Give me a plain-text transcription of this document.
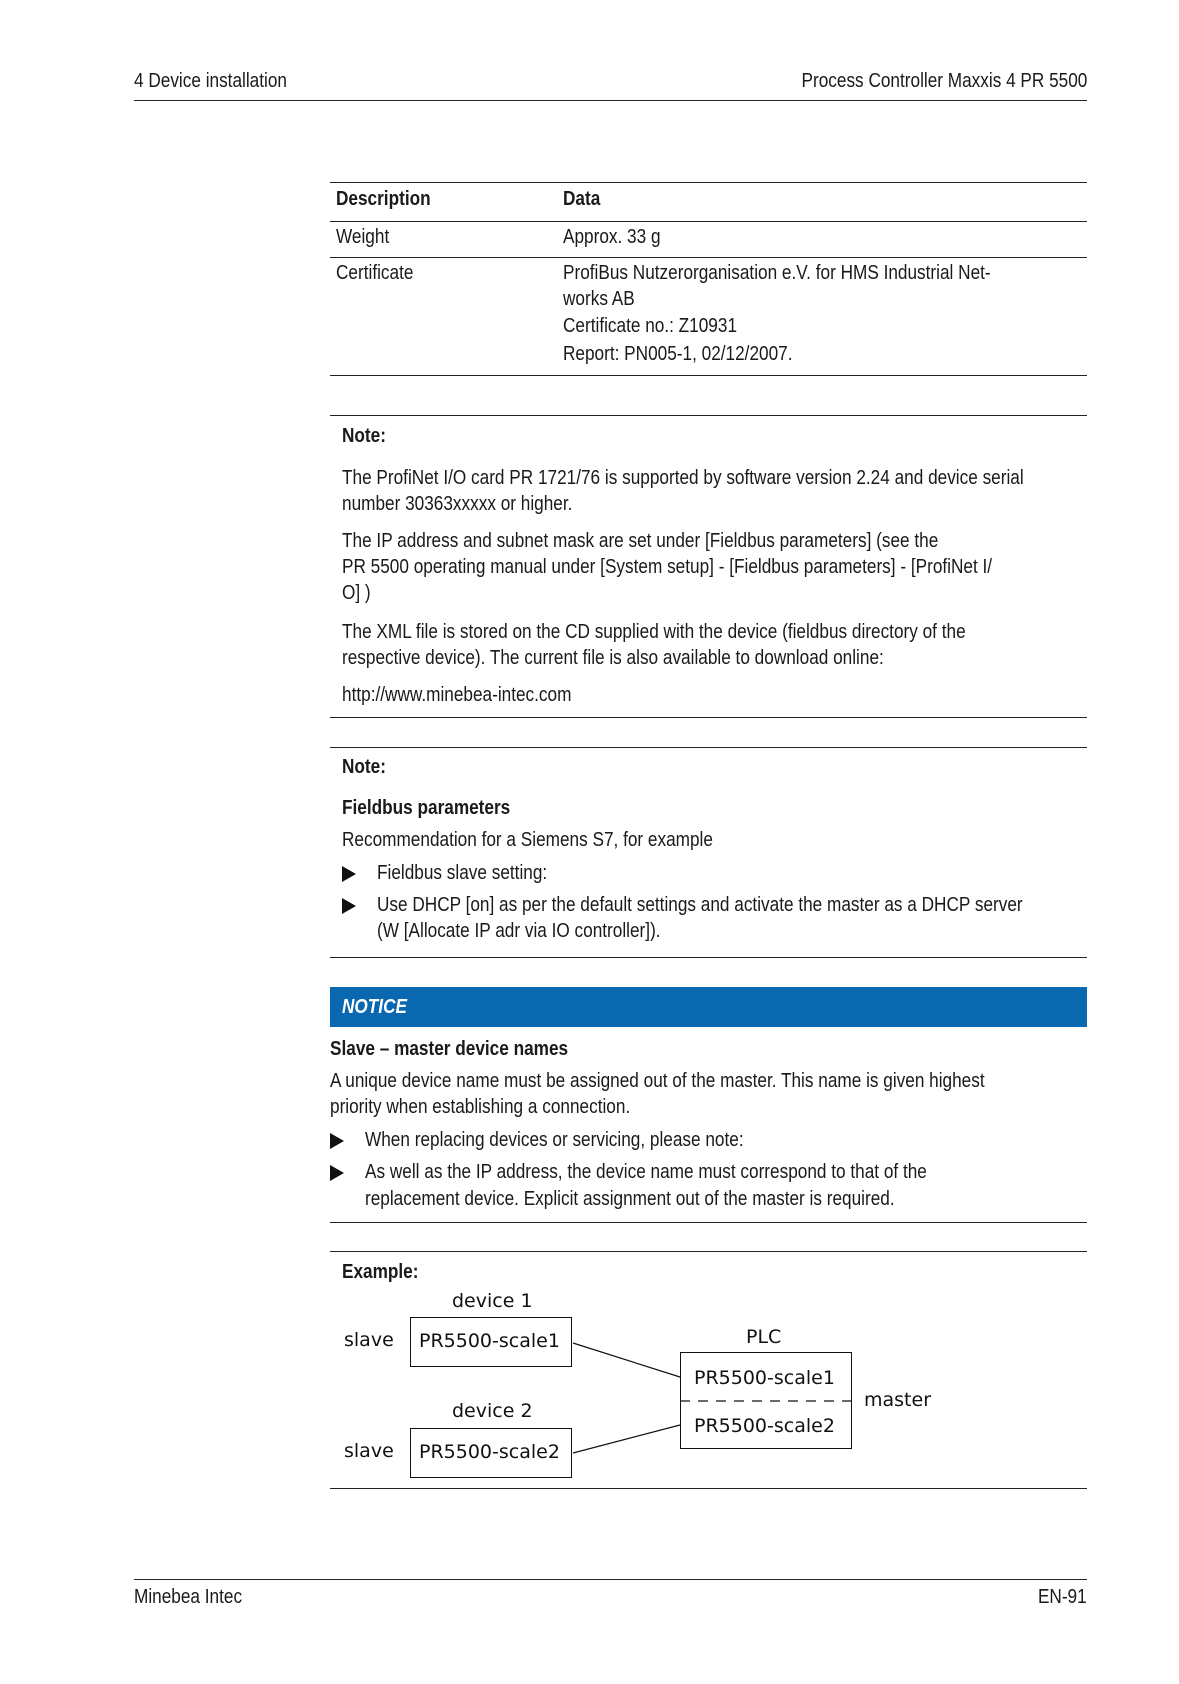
4 Device installation	Process Controller Maxxis 4 PR 5500
Description	Data
Weight	Approx. 33 g
Certificate	ProfiBus Nutzerorganisation e.V. for HMS Industrial Net-
works AB
Certificate no.: Z10931
Report: PN005-1, 02/12/2007.
Note:
The ProfiNet I/O card PR 1721/76 is supported by software version 2.24 and device serial
number 30363xxxxx or higher.
The IP address and subnet mask are set under [Fieldbus parameters] (see the
PR 5500 operating manual under [System setup] - [Fieldbus parameters] - [ProfiNet I/
O] )
The XML file is stored on the CD supplied with the device (fieldbus directory of the
respective device). The current file is also available to download online:
http://www.minebea-intec.com
Note:
Fieldbus parameters
Recommendation for a Siemens S7, for example
Fieldbus slave setting:
Use DHCP [on] as per the default settings and activate the master as a DHCP server
(W [Allocate IP adr via IO controller]).
NOTICE
Slave – master device names
A unique device name must be assigned out of the master. This name is given highest
priority when establishing a connection.
When replacing devices or servicing, please note:
As well as the IP address, the device name must correspond to that of the
replacement device. Explicit assignment out of the master is required.
Example:
device 1
slave PR5500-scale1
device 2
slave PR5500-scale2
PLC
PR5500-scale1
PR5500-scale2
master
Minebea Intec	EN-91
